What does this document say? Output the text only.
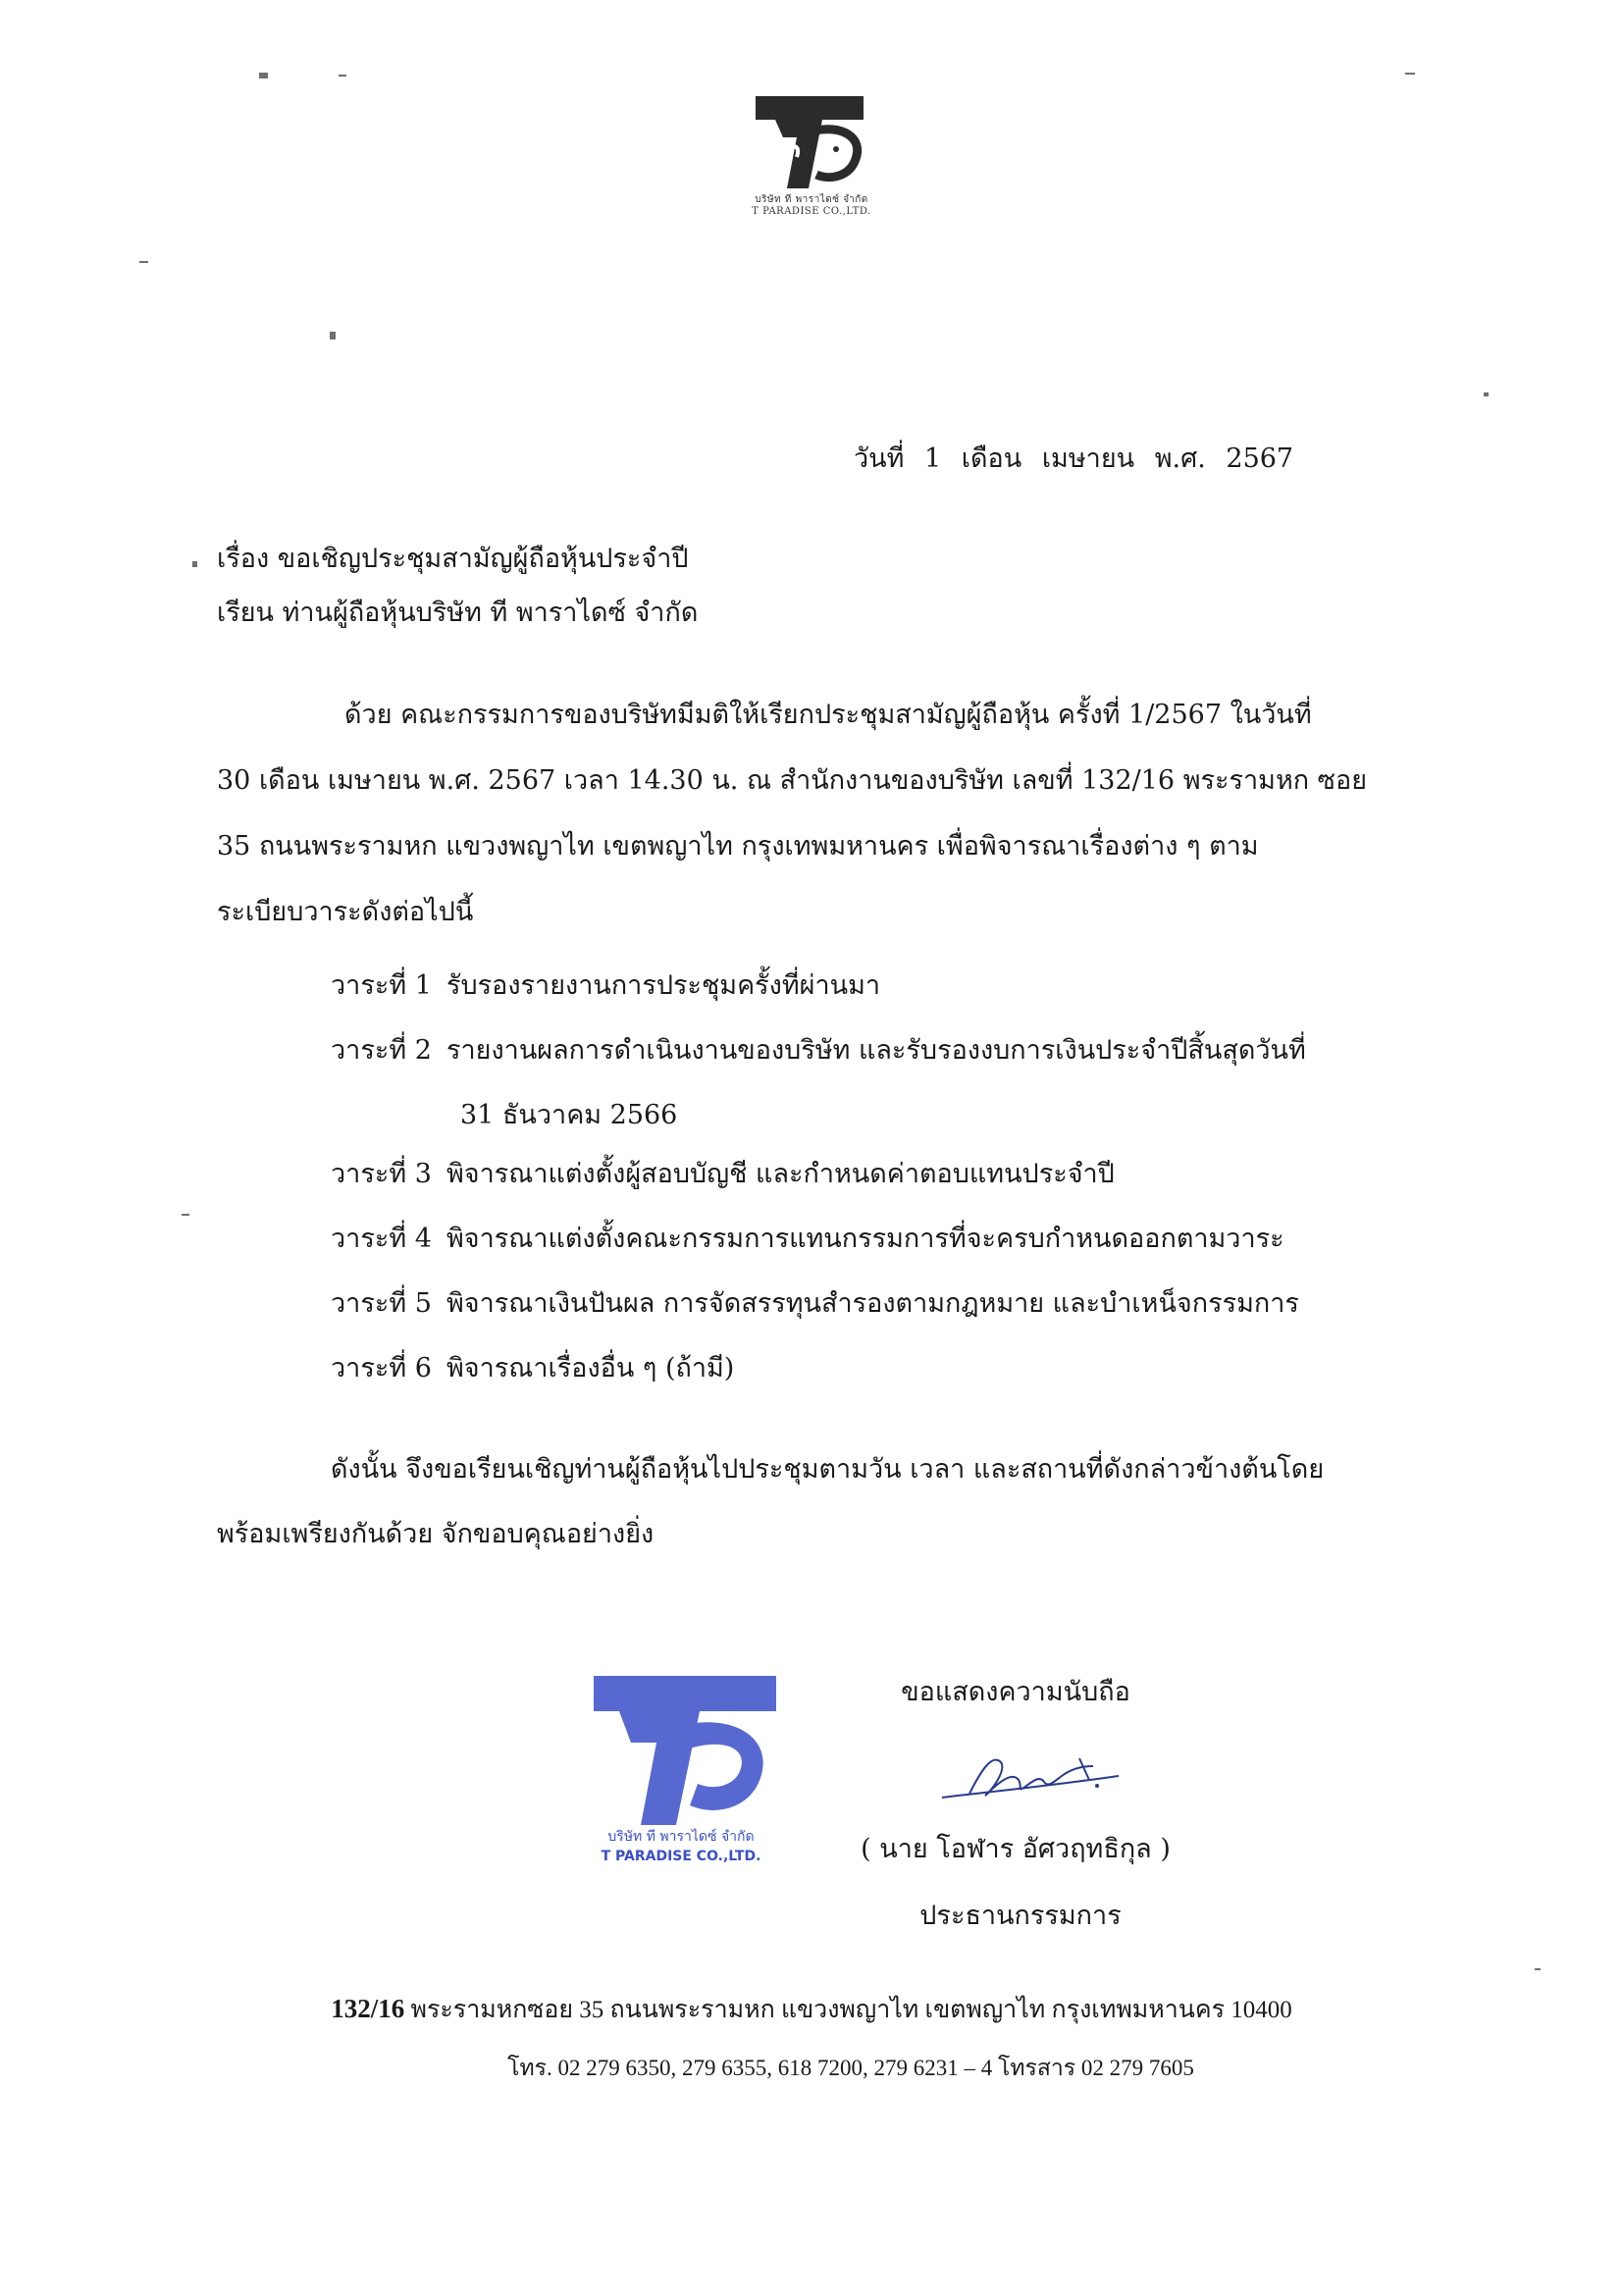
บริษัท ที พาราไดซ์ จำกัด
T PARADISE CO.,LTD.
วันที่ 1 เดือน เมษายน พ.ศ. 2567
เรื่อง ขอเชิญประชุมสามัญผู้ถือหุ้นประจำปี
เรียน ท่านผู้ถือหุ้นบริษัท ที พาราไดซ์ จำกัด
ด้วย คณะกรรมการของบริษัทมีมติให้เรียกประชุมสามัญผู้ถือหุ้น ครั้งที่ 1/2567 ในวันที่
30 เดือน เมษายน พ.ศ. 2567 เวลา 14.30 น. ณ สำนักงานของบริษัท เลขที่ 132/16 พระรามหก ซอย
35 ถนนพระรามหก แขวงพญาไท เขตพญาไท กรุงเทพมหานคร เพื่อพิจารณาเรื่องต่าง ๆ ตาม
ระเบียบวาระดังต่อไปนี้
วาระที่ 1 รับรองรายงานการประชุมครั้งที่ผ่านมา
วาระที่ 2 รายงานผลการดำเนินงานของบริษัท และรับรองงบการเงินประจำปีสิ้นสุดวันที่
31 ธันวาคม 2566
วาระที่ 3 พิจารณาแต่งตั้งผู้สอบบัญชี และกำหนดค่าตอบแทนประจำปี
วาระที่ 4 พิจารณาแต่งตั้งคณะกรรมการแทนกรรมการที่จะครบกำหนดออกตามวาระ
วาระที่ 5 พิจารณาเงินปันผล การจัดสรรทุนสำรองตามกฎหมาย และบำเหน็จกรรมการ
วาระที่ 6 พิจารณาเรื่องอื่น ๆ (ถ้ามี)
ดังนั้น จึงขอเรียนเชิญท่านผู้ถือหุ้นไปประชุมตามวัน เวลา และสถานที่ดังกล่าวข้างต้นโดย
พร้อมเพรียงกันด้วย จักขอบคุณอย่างยิ่ง
บริษัท ที พาราไดซ์ จำกัด
T PARADISE CO.,LTD.
ขอแสดงความนับถือ
( นาย โอฬาร อัศวฤทธิกุล )
ประธานกรรมการ
132/16 พระรามหกซอย 35 ถนนพระรามหก แขวงพญาไท เขตพญาไท กรุงเทพมหานคร 10400
โทร. 02 279 6350, 279 6355, 618 7200, 279 6231 – 4 โทรสาร 02 279 7605
